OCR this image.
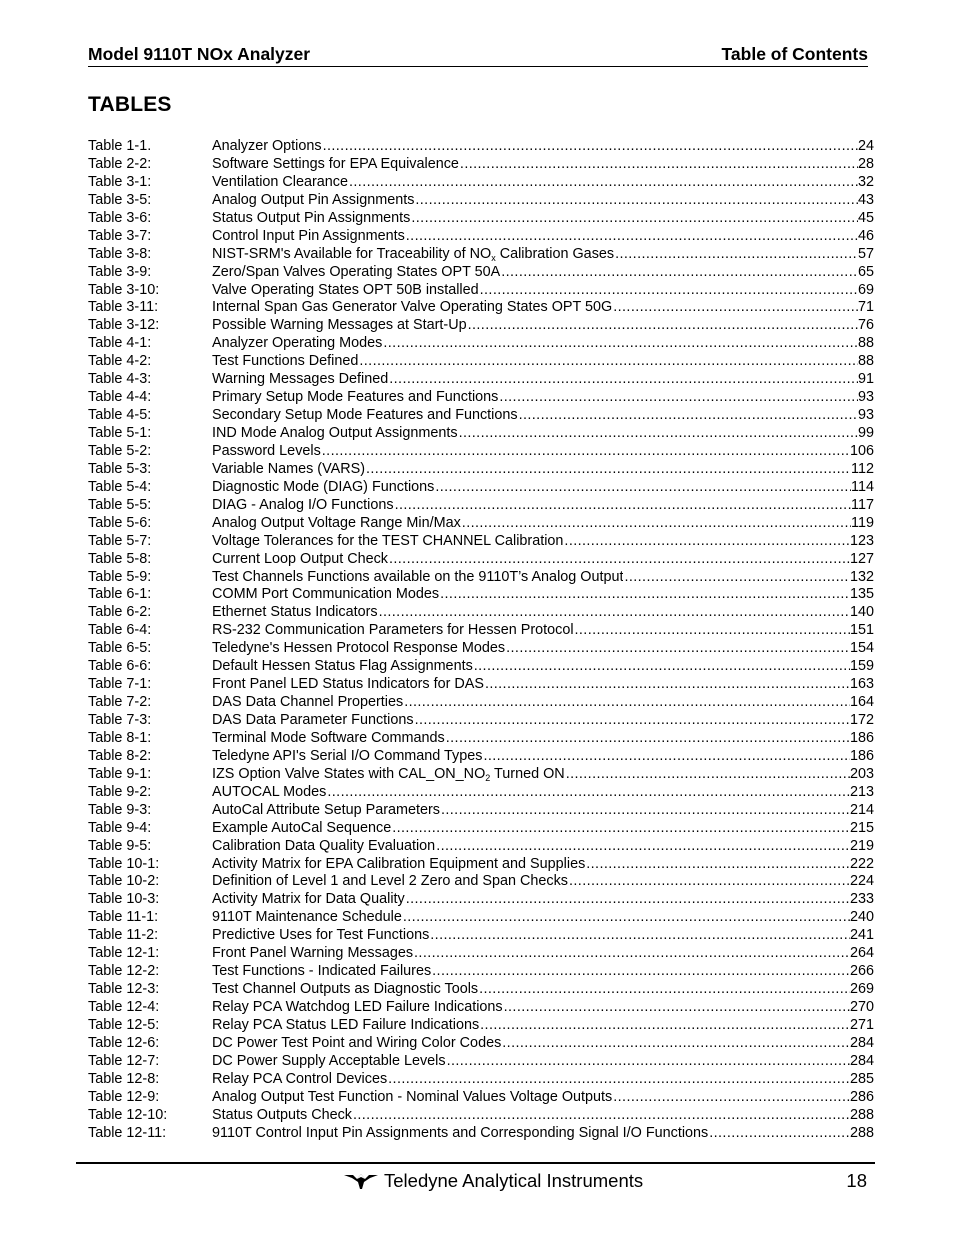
Model 9110T NOx Analyzer	Table of Contents
TABLES
Table 1-1.	Analyzer Options .....	24
Table 2-2:	Software Settings for EPA Equivalence .....	28
Table 3-1:	Ventilation Clearance .....	32
Table 3-5:	Analog Output Pin Assignments .....	43
Table 3-6:	Status Output Pin Assignments .....	45
Table 3-7:	Control Input Pin Assignments .....	46
Table 3-8:	NIST-SRM's Available for Traceability of $NO_x$ Calibration Gases .....	57
Table 3-9:	Zero/Span Valves Operating States OPT 50A .....	65
Table 3-10:	Valve Operating States OPT 50B installed .....	69
Table 3-11:	Internal Span Gas Generator Valve Operating States OPT 50G .....	71
Table 3-12:	Possible Warning Messages at Start-Up .....	76
Table 4-1:	Analyzer Operating Modes .....	88
Table 4-2:	Test Functions Defined .....	88
Table 4-3:	Warning Messages Defined .....	91
Table 4-4:	Primary Setup Mode Features and Functions .....	93
Table 4-5:	Secondary Setup Mode Features and Functions .....	93
Table 5-1:	IND Mode Analog Output Assignments .....	99
Table 5-2:	Password Levels .....	106
Table 5-3:	Variable Names (VARS) .....	112
Table 5-4:	Diagnostic Mode (DIAG) Functions .....	114
Table 5-5:	DIAG - Analog I/O Functions .....	117
Table 5-6:	Analog Output Voltage Range Min/Max .....	119
Table 5-7:	Voltage Tolerances for the TEST CHANNEL Calibration .....	123
Table 5-8:	Current Loop Output Check .....	127
Table 5-9:	Test Channels Functions available on the 9110T’s Analog Output .....	132
Table 6-1:	COMM Port Communication Modes .....	135
Table 6-2:	Ethernet Status Indicators .....	140
Table 6-4:	RS-232 Communication Parameters for Hessen Protocol .....	151
Table 6-5:	Teledyne's Hessen Protocol Response Modes .....	154
Table 6-6:	Default Hessen Status Flag Assignments .....	159
Table 7-1:	Front Panel LED Status Indicators for DAS .....	163
Table 7-2:	DAS Data Channel Properties .....	164
Table 7-3:	DAS Data Parameter Functions .....	172
Table 8-1:	Terminal Mode Software Commands .....	186
Table 8-2:	Teledyne API's Serial I/O Command Types .....	186
Table 9-1:	IZS Option Valve States with $CAL\_ON\_NO_2$ Turned ON .....	203
Table 9-2:	AUTOCAL Modes .....	213
Table 9-3:	AutoCal Attribute Setup Parameters .....	214
Table 9-4:	Example AutoCal Sequence .....	215
Table 9-5:	Calibration Data Quality Evaluation .....	219
Table 10-1:	Activity Matrix for EPA Calibration Equipment and Supplies .....	222
Table 10-2:	Definition of Level 1 and Level 2 Zero and Span Checks .....	224
Table 10-3:	Activity Matrix for Data Quality .....	233
Table 11-1:	9110T Maintenance Schedule .....	240
Table 11-2:	Predictive Uses for Test Functions .....	241
Table 12-1:	Front Panel Warning Messages .....	264
Table 12-2:	Test Functions - Indicated Failures .....	266
Table 12-3:	Test Channel Outputs as Diagnostic Tools .....	269
Table 12-4:	Relay PCA Watchdog LED Failure Indications .....	270
Table 12-5:	Relay PCA Status LED Failure Indications .....	271
Table 12-6:	DC Power Test Point and Wiring Color Codes .....	284
Table 12-7:	DC Power Supply Acceptable Levels .....	284
Table 12-8:	Relay PCA Control Devices .....	285
Table 12-9:	Analog Output Test Function - Nominal Values Voltage Outputs .....	286
Table 12-10:	Status Outputs Check .....	288
Table 12-11:	9110T Control Input Pin Assignments and Corresponding Signal I/O Functions .....	288
Teledyne Analytical Instruments	18
